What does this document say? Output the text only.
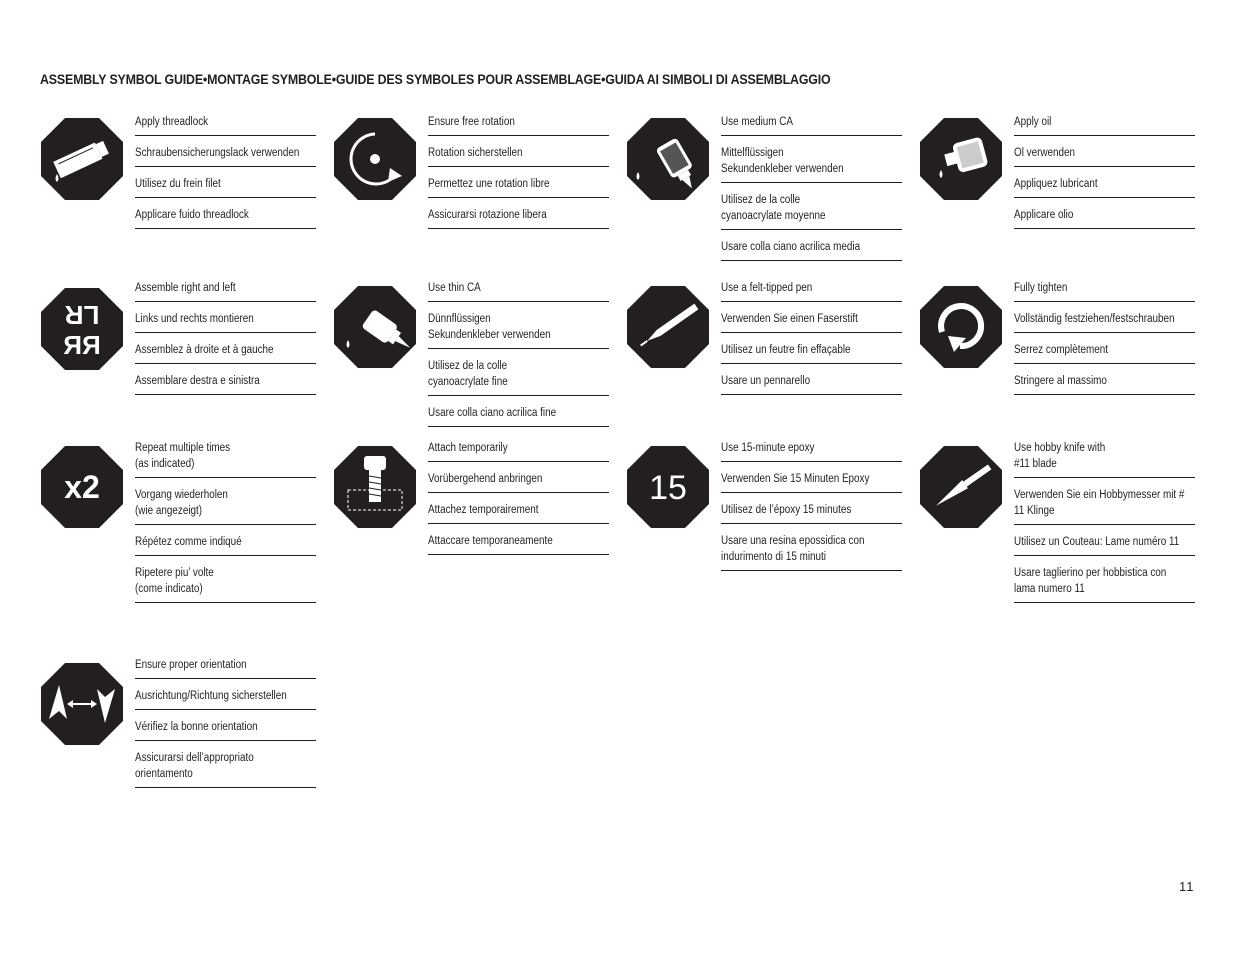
ASSEMBLY SYMBOL GUIDE•MONTAGE SYMBOLE•GUIDE DES SYMBOLES POUR ASSEMBLAGE•GUIDA AI SIMBOLI DI ASSEMBLAGGIO
LR
RR
x2	15
Apply threadlock
Schraubensicherungslack verwenden
Utilisez du frein filet
Applicare fuido threadlock
Ensure free rotation
Rotation sicherstellen
Permettez une rotation libre
Assicurarsi rotazione libera
Use medium CA
Mittelflüssigen
Sekundenkleber verwenden
Utilisez de la colle
cyanoacrylate moyenne
Usare colla ciano acrilica media
Apply oil
Öl verwenden
Appliquez lubricant
Applicare olio
Assemble right and left
Links und rechts montieren
Assemblez à droite et à gauche
Assemblare destra e sinistra
Use thin CA
Dünnflüssigen
Sekundenkleber verwenden
Utilisez de la colle
cyanoacrylate fine
Usare colla ciano acrilica fine
Use a felt-tipped pen
Verwenden Sie einen Faserstift
Utilisez un feutre fin effaçable
Usare un pennarello
Fully tighten
Vollständig festziehen/festschrauben
Serrez complètement
Stringere al massimo
Repeat multiple times
(as indicated)
Vorgang wiederholen
(wie angezeigt)
Répétez comme indiqué
Ripetere piu’ volte
(come indicato)
Attach temporarily
Vorübergehend anbringen
Attachez temporairement
Attaccare temporaneamente
Use 15-minute epoxy
Verwenden Sie 15 Minuten Epoxy
Utilisez de l’époxy 15 minutes
Usare una resina epossidica con
indurimento di 15 minuti
Use hobby knife with
#11 blade
Verwenden Sie ein Hobbymesser mit #
11 Klinge
Utilisez un Couteau: Lame numéro 11
Usare taglierino per hobbistica con
lama numero 11
Ensure proper orientation
Ausrichtung/Richtung sicherstellen
Vérifiez la bonne orientation
Assicurarsi dell’appropriato
orientamento
11
